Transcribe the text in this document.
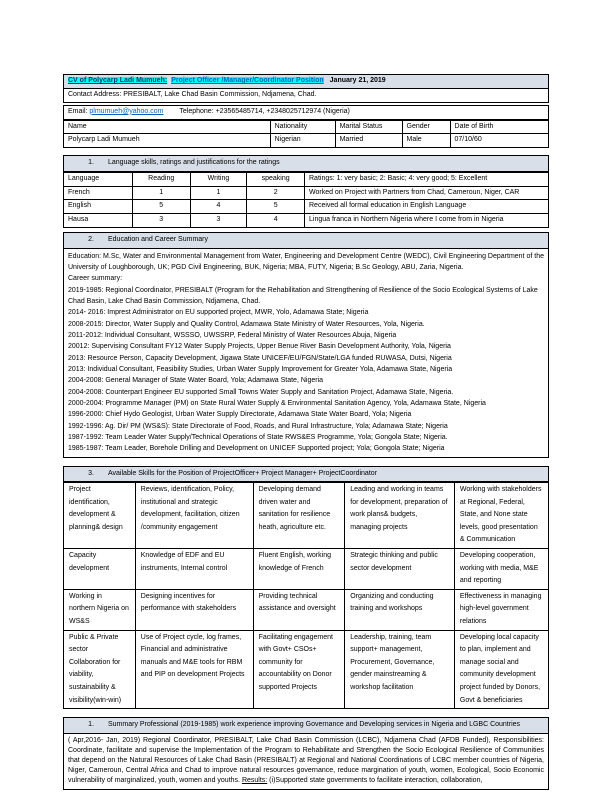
CV of Polycarp Ladi Mumueh: Project Officer /Manager/Coordinator Position January 21, 2019
Contact Address: PRESIBALT, Lake Chad Basin Commission, Ndjamena, Chad.
Email: plmumueh@yahoo.com Telephone: +23565485714, +2348025712974 (Nigeria)
Name	Nationality	Marital Status	Gender	Date of Birth
Polycarp Ladi Mumueh	Nigerian	Married	Male	07/10/60
1. Language skills, ratings and justifications for the ratings
Language	Reading	Writing	speaking	Ratings: 1: very basic; 2: Basic; 4: very good; 5: Excellent
French	1	1	2	Worked on Project with Partners from Chad, Cameroun, Niger, CAR
English	5	4	5	Received all formal education in English Language
Hausa	3	3	4	Lingua franca in Northern Nigeria where I come from in Nigeria
2. Education and Career Summary
Education: M.Sc, Water and Environmental Management from Water, Engineering and Development Centre (WEDC), Civil Engineering Department of the University of Loughborough, UK; PGD Civil Engineering, BUK, Nigeria; MBA, FUTY, Nigeria; B.Sc Geology, ABU, Zaria, Nigeria.
Career summary:
2019-1985: Regional Coordinator, PRESIBALT (Program for the Rehabilitation and Strengthening of Resilience of the Socio Ecological Systems of Lake Chad Basin, Lake Chad Basin Commission, Ndjamena, Chad.
2014- 2016: Imprest Administrator on EU supported project, MWR, Yolo, Adamawa State; Nigeria
2008-2015: Director, Water Supply and Quality Control, Adamawa State Ministry of Water Resources, Yola, Nigeria.
2011-2012: Individual Consultant, WSSSO, UWSSRP, Federal Ministry of Water Resources Abuja, Nigeria
20012: Supervising Consultant FY12 Water Supply Projects, Upper Benue River Basin Development Authority, Yola, Nigeria
2013: Resource Person, Capacity Development, Jigawa State UNICEF/EU/FGN/State/LGA funded RUWASA, Dutsi, Nigeria
2013: Individual Consultant, Feasibility Studies, Urban Water Supply Improvement for Greater Yola, Adamawa State, Nigeria
2004-2008: General Manager of State Water Board, Yola; Adamawa State, Nigeria
2004-2008: Counterpart Engineer EU supported Small Towns Water Supply and Sanitation Project, Adamawa State, Nigeria.
2000-2004: Programme Manager (PM) on State Rural Water Supply & Environmental Sanitation Agency, Yola, Adamawa State, Nigeria
1996-2000: Chief Hydo Geologist, Urban Water Supply Directorate, Adamawa State Water Board, Yola; Nigeria
1992-1996: Ag. Dir/ PM (WS&S): State Directorate of Food, Roads, and Rural Infrastructure, Yola; Adamawa State; Nigeria
1987-1992: Team Leader Water Supply/Technical Operations of State RWS&ES Programme, Yola; Gongola State; Nigeria.
1985-1987: Team Leader, Borehole Drilling and Development on UNICEF Supported project; Yola; Gongola State; Nigeria
3. Available Skills for the Position of ProjectOfficer+ Project Manager+ ProjectCoordinator
Project identification, development & planning& design	Reviews, identification, Policy, institutional and strategic development, facilitation, citizen /community engagement	Developing demand driven water and sanitation for resilience heath, agriculture etc.	Leading and working in teams for development, preparation of work plans& budgets, managing projects	Working with stakeholders at Regional, Federal, State, and None state levels, good presentation & Communication
Capacity development	Knowledge of EDF and EU instruments, Internal control	Fluent English, working knowledge of French	Strategic thinking and public sector development	Developing cooperation, working with media, M&E and reporting
Working in northern Nigeria on WS&S	Designing incentives for performance with stakeholders	Providing technical assistance and oversight	Organizing and conducting training and workshops	Effectiveness in managing high-level government relations
Public & Private sector Collaboration for viability, sustainability & visibility(win-win)	Use of Project cycle, log frames, Financial and administrative manuals and M&E tools for RBM and PIP on development Projects	Facilitating engagement with Govt+ CSOs+ community for accountability on Donor supported Projects	Leadership, training, team support+ management, Procurement, Governance, gender mainstreaming & workshop facilitation	Developing local capacity to plan, implement and manage social and community development project funded by Donors, Govt & beneficiaries
1. Summary Professional (2019-1985) work experience improving Governance and Developing services in Nigeria and LGBC Countries
( Apr,2016- Jan, 2019) Regional Coordinator, PRESIBALT, Lake Chad Basin Commission (LCBC), Ndjamena Chad (AFDB Funded), Responsibilities: Coordinate, facilitate and supervise the Implementation of the Program to Rehabilitate and Strengthen the Socio Ecological Resilience of Communities that depend on the Natural Resources of Lake Chad Basin (PRESIBALT) at Regional and National Coordinations of LCBC member countries of Nigeria, Niger, Cameroun, Central Africa and Chad to improve natural resources governance, reduce margination of youth, women, Ecological, Socio Economic vulnerability of marginalized, youth, women and youths. Results: (i)Supported state governments to facilitate interaction, collaboration,
